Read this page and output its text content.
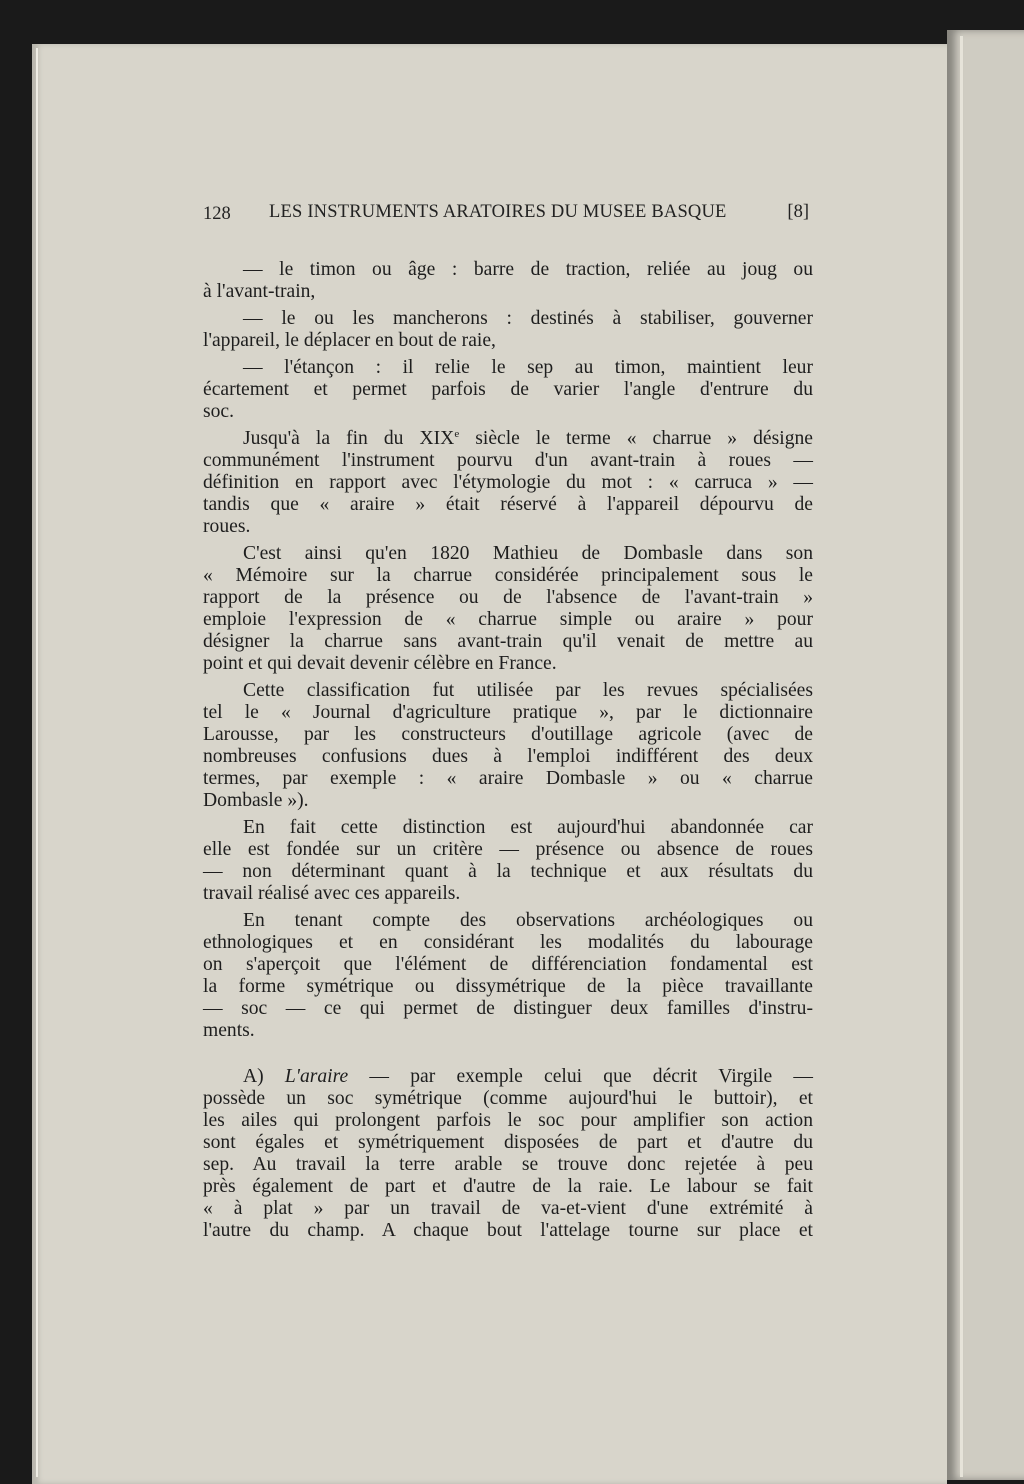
128 LES INSTRUMENTS ARATOIRES DU MUSEE BASQUE	[8]
— le timon ou âge : barre de traction, reliée au joug ou
à l'avant-train,
— le ou les mancherons : destinés à stabiliser, gouverner
l'appareil, le déplacer en bout de raie,
— l'étançon : il relie le sep au timon, maintient leur
écartement et permet parfois de varier l'angle d'entrure du
soc.
Jusqu'à la fin du XIXe siècle le terme « charrue » désigne
communément l'instrument pourvu d'un avant-train à roues —
définition en rapport avec l'étymologie du mot : « carruca » —
tandis que « araire » était réservé à l'appareil dépourvu de
roues.
C'est ainsi qu'en 1820 Mathieu de Dombasle dans son
« Mémoire sur la charrue considérée principalement sous le
rapport de la présence ou de l'absence de l'avant-train »
emploie l'expression de « charrue simple ou araire » pour
désigner la charrue sans avant-train qu'il venait de mettre au
point et qui devait devenir célèbre en France.
Cette classification fut utilisée par les revues spécialisées
tel le « Journal d'agriculture pratique », par le dictionnaire
Larousse, par les constructeurs d'outillage agricole (avec de
nombreuses confusions dues à l'emploi indifférent des deux
termes, par exemple : « araire Dombasle » ou « charrue
Dombasle »).
En fait cette distinction est aujourd'hui abandonnée car
elle est fondée sur un critère — présence ou absence de roues
— non déterminant quant à la technique et aux résultats du
travail réalisé avec ces appareils.
En tenant compte des observations archéologiques ou
ethnologiques et en considérant les modalités du labourage
on s'aperçoit que l'élément de différenciation fondamental est
la forme symétrique ou dissymétrique de la pièce travaillante
— soc — ce qui permet de distinguer deux familles d'instru-
ments.
A) L'araire — par exemple celui que décrit Virgile —
possède un soc symétrique (comme aujourd'hui le buttoir), et
les ailes qui prolongent parfois le soc pour amplifier son action
sont égales et symétriquement disposées de part et d'autre du
sep. Au travail la terre arable se trouve donc rejetée à peu
près également de part et d'autre de la raie. Le labour se fait
« à plat » par un travail de va-et-vient d'une extrémité à
l'autre du champ. A chaque bout l'attelage tourne sur place et
